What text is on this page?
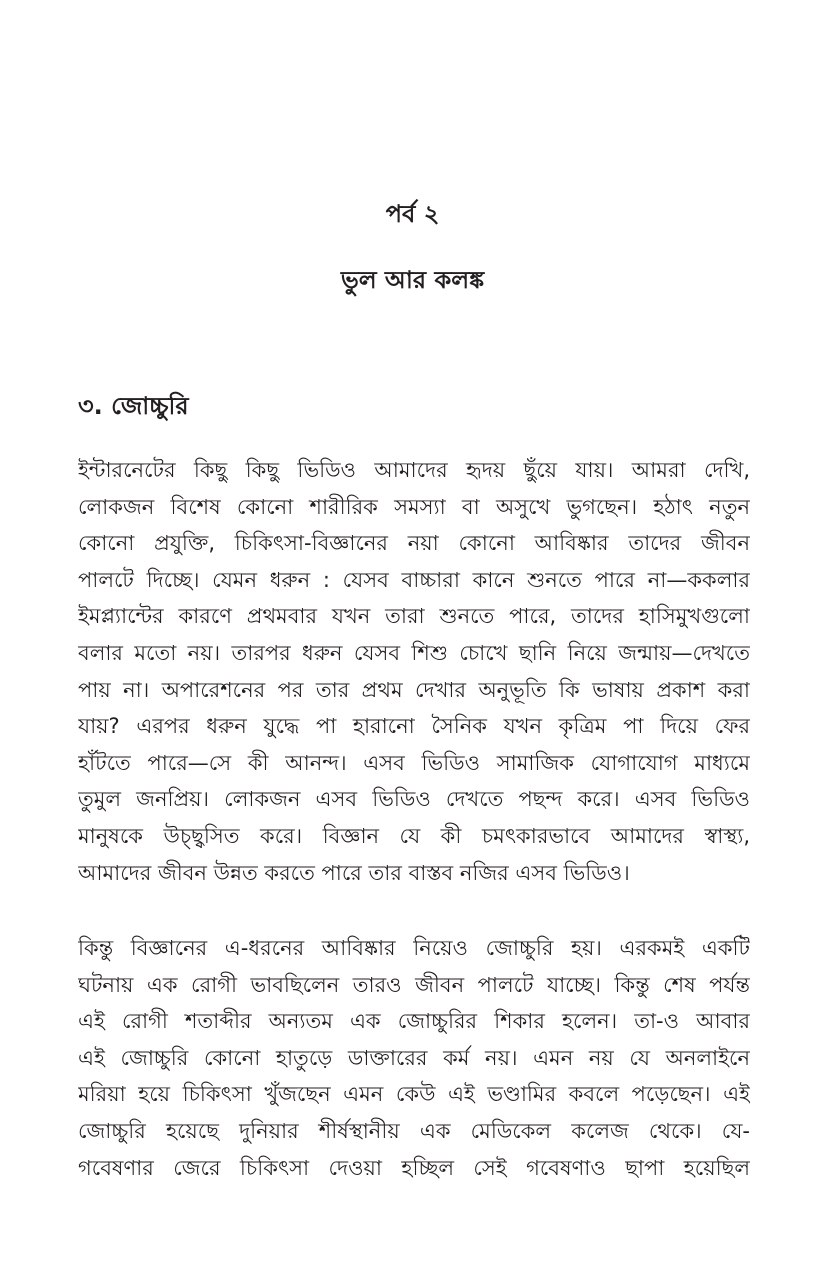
পর্ব ২
ভুল আর কলঙ্ক
৩. জোচ্চুরি
ইন্টারনেটের কিছু কিছু ভিডিও আমাদের হৃদয় ছুঁয়ে যায়। আমরা দেখি,
লোকজন বিশেষ কোনো শারীরিক সমস্যা বা অসুখে ভুগছেন। হঠাৎ নতুন
কোনো প্রযুক্তি, চিকিৎসা-বিজ্ঞানের নয়া কোনো আবিষ্কার তাদের জীবন
পালটে দিচ্ছে। যেমন ধরুন : যেসব বাচ্চারা কানে শুনতে পারে না—ককলার
ইমপ্ল্যান্টের কারণে প্রথমবার যখন তারা শুনতে পারে, তাদের হাসিমুখগুলো
বলার মতো নয়। তারপর ধরুন যেসব শিশু চোখে ছানি নিয়ে জন্মায়—দেখতে
পায় না। অপারেশনের পর তার প্রথম দেখার অনুভূতি কি ভাষায় প্রকাশ করা
যায়? এরপর ধরুন যুদ্ধে পা হারানো সৈনিক যখন কৃত্রিম পা দিয়ে ফের
হাঁটতে পারে—সে কী আনন্দ। এসব ভিডিও সামাজিক যোগাযোগ মাধ্যমে
তুমুল জনপ্রিয়। লোকজন এসব ভিডিও দেখতে পছন্দ করে। এসব ভিডিও
মানুষকে উচ্ছ্বসিত করে। বিজ্ঞান যে কী চমৎকারভাবে আমাদের স্বাস্থ্য,
আমাদের জীবন উন্নত করতে পারে তার বাস্তব নজির এসব ভিডিও।
কিন্তু বিজ্ঞানের এ-ধরনের আবিষ্কার নিয়েও জোচ্চুরি হয়। এরকমই একটি
ঘটনায় এক রোগী ভাবছিলেন তারও জীবন পালটে যাচ্ছে। কিন্তু শেষ পর্যন্ত
এই রোগী শতাব্দীর অন্যতম এক জোচ্চুরির শিকার হলেন। তা-ও আবার
এই জোচ্চুরি কোনো হাতুড়ে ডাক্তারের কর্ম নয়। এমন নয় যে অনলাইনে
মরিয়া হয়ে চিকিৎসা খুঁজছেন এমন কেউ এই ভণ্ডামির কবলে পড়েছেন। এই
জোচ্চুরি হয়েছে দুনিয়ার শীর্ষস্থানীয় এক মেডিকেল কলেজ থেকে। যে-
গবেষণার জেরে চিকিৎসা দেওয়া হচ্ছিল সেই গবেষণাও ছাপা হয়েছিল
